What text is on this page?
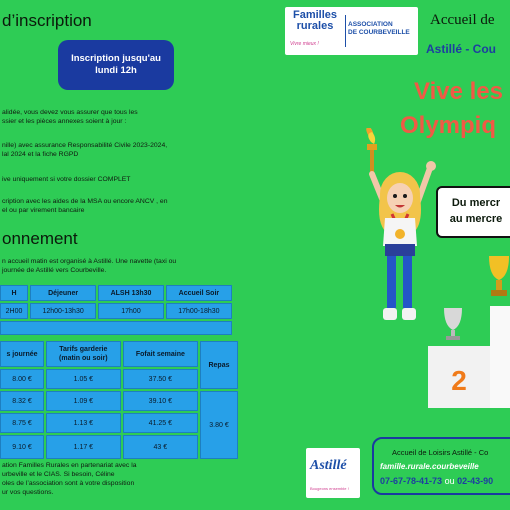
d’inscription
Inscription jusqu'au
lundi 12h
alidée, vous devez vous assurer que tous les
ssier et les pièces annexes soient à jour :
nille) avec assurance Responsabilité Civile 2023-2024,
lal 2024 et la fiche RGPD
ive uniquement si votre dossier COMPLET
cription avec les aides de la MSA ou encore ANCV , en
el ou par virement bancaire
onnement
n accueil matin est organisé à Astillé. Une navette (taxi ou
journée de Astillé vers Courbeville.
H	Déjeuner	ALSH 13h30	Accueil Soir
2H00	12h00-13h30	17h00	17h00-18h30

s journée	Tarifs garderie
(matin ou soir)	Fofait semaine	Repas
8.00 €	1.05 €	37.50 €	
8.32 €	1.09 €	39.10 €	3.80 €
8.75 €	1.13 €	41.25 €	
9.10 €	1.17 €	43 €	
ation Familles Rurales en partenariat avec la
urbeville et le CIAS. Si besoin, Céline
oles de l’association sont à votre disposition
ur vos questions.
Familles rurales
Vivre mieux !
ASSOCIATION
DE COURBEVEILLE
Accueil de
Astillé - Cou
Vive les
Olympiq
2
Du mercr
au mercre
Astillé
Bougeons ensemble !
Accueil de Loisirs Astillé - Co
famille.rurale.courbeveille
07-67-78-41-73 ou 02-43-90
